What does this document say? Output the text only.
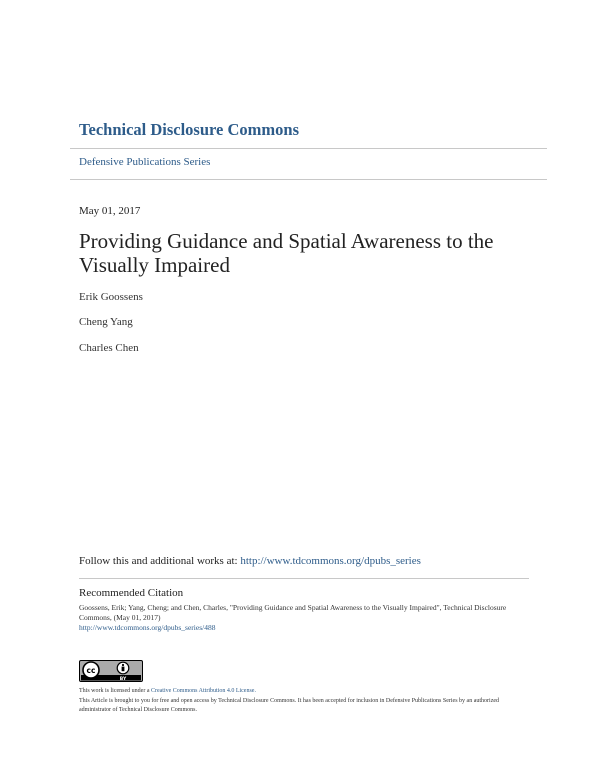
Technical Disclosure Commons
Defensive Publications Series
May 01, 2017
Providing Guidance and Spatial Awareness to the Visually Impaired
Erik Goossens
Cheng Yang
Charles Chen
Follow this and additional works at: http://www.tdcommons.org/dpubs_series
Recommended Citation
Goossens, Erik; Yang, Cheng; and Chen, Charles, "Providing Guidance and Spatial Awareness to the Visually Impaired", Technical Disclosure Commons, (May 01, 2017)
http://www.tdcommons.org/dpubs_series/488
cc
BY
This work is licensed under a Creative Commons Attribution 4.0 License.
This Article is brought to you for free and open access by Technical Disclosure Commons. It has been accepted for inclusion in Defensive Publications Series by an authorized administrator of Technical Disclosure Commons.
